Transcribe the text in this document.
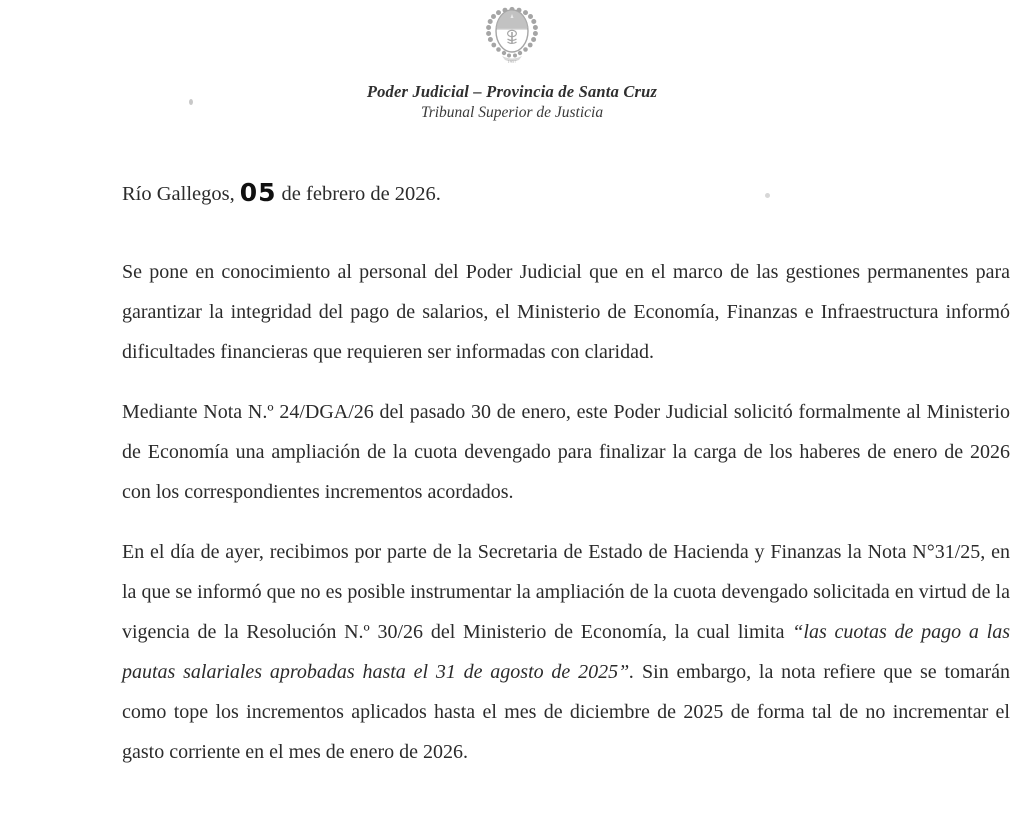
1957
Poder Judicial – Provincia de Santa Cruz
Tribunal Superior de Justicia
Río Gallegos, 05 de febrero de 2026.

Se pone en conocimiento al personal del Poder Judicial que en el marco de las gestiones permanentes para garantizar la integridad del pago de salarios, el Ministerio de Economía, Finanzas e Infraestructura informó dificultades financieras que requieren ser informadas con claridad.

Mediante Nota N.º 24/DGA/26 del pasado 30 de enero, este Poder Judicial solicitó formalmente al Ministerio de Economía una ampliación de la cuota devengado para finalizar la carga de los haberes de enero de 2026 con los correspondientes incrementos acordados.

En el día de ayer, recibimos por parte de la Secretaria de Estado de Hacienda y Finanzas la Nota N°31/25, en la que se informó que no es posible instrumentar la ampliación de la cuota devengado solicitada en virtud de la vigencia de la Resolución N.º 30/26 del Ministerio de Economía, la cual limita “las cuotas de pago a las pautas salariales aprobadas hasta el 31 de agosto de 2025”. Sin embargo, la nota refiere que se tomarán como tope los incrementos aplicados hasta el mes de diciembre de 2025 de forma tal de no incrementar el gasto corriente en el mes de enero de 2026.
